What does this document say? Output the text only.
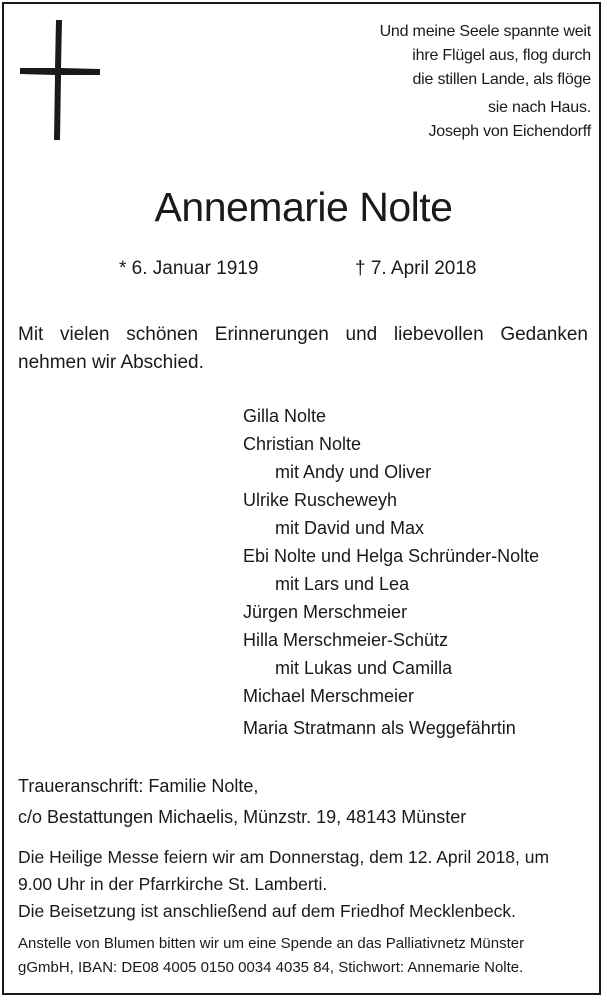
Und meine Seele spannte weit
ihre Flügel aus, flog durch
die stillen Lande, als flöge
sie nach Haus.
Joseph von Eichendorff
Annemarie Nolte
* 6. Januar 1919	† 7. April 2018
Mit vielen schönen Erinnerungen und liebevollen Gedanken nehmen wir Abschied.
Gilla Nolte
Christian Nolte
mit Andy und Oliver
Ulrike Ruscheweyh
mit David und Max
Ebi Nolte und Helga Schründer-Nolte
mit Lars und Lea
Jürgen Merschmeier
Hilla Merschmeier-Schütz
mit Lukas und Camilla
Michael Merschmeier
Maria Stratmann als Weggefährtin
Traueranschrift: Familie Nolte,
c/o Bestattungen Michaelis, Münzstr. 19, 48143 Münster
Die Heilige Messe feiern wir am Donnerstag, dem 12. April 2018, um
9.00 Uhr in der Pfarrkirche St. Lamberti.
Die Beisetzung ist anschließend auf dem Friedhof Mecklenbeck.
Anstelle von Blumen bitten wir um eine Spende an das Palliativnetz Münster
gGmbH, IBAN: DE08 4005 0150 0034 4035 84, Stichwort: Annemarie Nolte.
